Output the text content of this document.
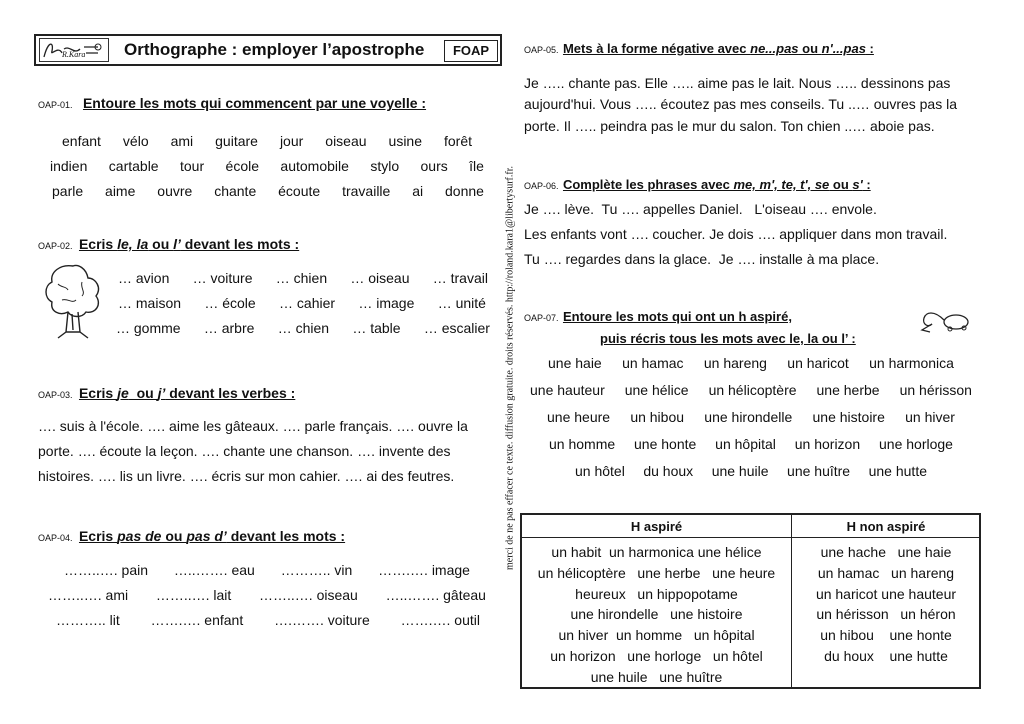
R.Kara Orthographe : employer l’apostrophe	FOAP
OAP-01. Entoure les mots qui commencent par une voyelle :
enfant vélo ami guitare jour oiseau usine forêt
indien cartable tour école automobile stylo ours île
parle aime ouvre chante écoute travaille ai donne
OAP-02. Ecris le, la ou l’ devant les mots :
… avion … voiture … chien … oiseau … travail
… maison … école … cahier … image … unité
… gomme … arbre … chien … table … escalier
OAP-03. Ecris je  ou j’ devant les verbes :
…. suis à l'école. …. aime les gâteaux. …. parle français. …. ouvre la
porte. …. écoute la leçon. …. chante une chanson. …. invente des
histoires. …. lis un livre. …. écris sur mon cahier. …. ai des feutres.
OAP-04. Ecris pas de ou pas d’ devant les mots :
……..…. pain …..……. eau ……….. vin …….…. image
……..…. ami ……..…. lait ……..…. oiseau …..……. gâteau
……….. lit …….…. enfant ….……. voiture …….…. outil
merci de ne pas effacer ce texte. diffusion gratuite. droits réservés. http://roland.kara1@libertysurf.fr.
OAP-05. Mets à la forme négative avec ne...pas ou n'...pas :
Je ….. chante pas. Elle ….. aime pas le lait. Nous ….. dessinons pas
aujourd'hui. Vous ….. écoutez pas mes conseils. Tu ..… ouvres pas la
porte. Il ….. peindra pas le mur du salon. Ton chien ..… aboie pas.
OAP-06. Complète les phrases avec me, m', te, t', se ou s' :
Je …. lève.  Tu …. appelles Daniel.   L'oiseau …. envole.
Les enfants vont …. coucher. Je dois …. appliquer dans mon travail.
Tu …. regardes dans la glace.  Je …. installe à ma place.
OAP-07. Entoure les mots qui ont un h aspiré,
puis récris tous les mots avec le, la ou l’ :
une haie un hamac un hareng un haricot un harmonica
une hauteur une hélice un hélicoptère une herbe un hérisson
une heure un hibou une hirondelle une histoire un hiver
un homme une honte un hôpital un horizon une horloge
un hôtel du houx une huile une huître une hutte
H aspiré	H non aspiré
un habit  un harmonica une hélice
un hélicoptère   une herbe   une heure
heureux   un hippopotame
une hirondelle   une histoire
un hiver  un homme   un hôpital
un horizon   une horloge   un hôtel
une huile   une huître
une hache   une haie
un hamac   un hareng
un haricot une hauteur
un hérisson   un héron
un hibou    une honte
du houx    une hutte
